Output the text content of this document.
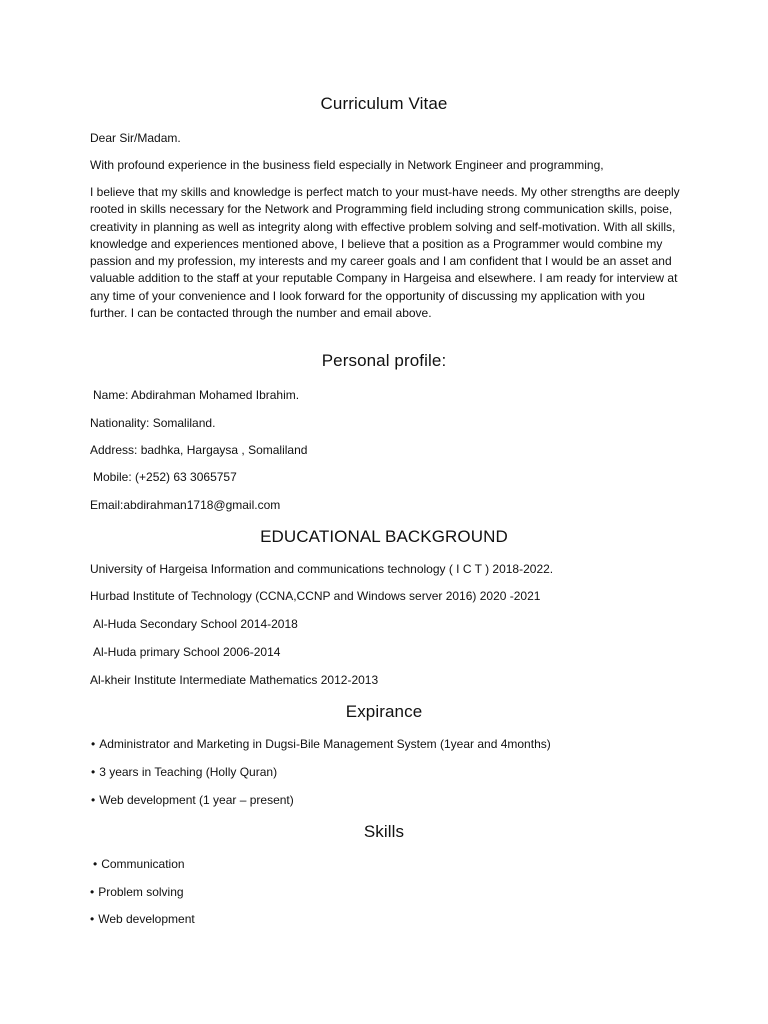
Curriculum Vitae
Dear Sir/Madam.
With profound experience in the business field especially in Network Engineer and programming,
I believe that my skills and knowledge is perfect match to your must-have needs. My other strengths are deeply rooted in skills necessary for the Network and Programming field including strong communication skills, poise, creativity in planning as well as integrity along with effective problem solving and self-motivation. With all skills, knowledge and experiences mentioned above, I believe that a position as a Programmer would combine my passion and my profession, my interests and my career goals and I am confident that I would be an asset and valuable addition to the staff at your reputable Company in Hargeisa and elsewhere. I am ready for interview at any time of your convenience and I look forward for the opportunity of discussing my application with you further. I can be contacted through the number and email above.
Personal profile:
Name: Abdirahman Mohamed Ibrahim.
Nationality: Somaliland.
Address: badhka, Hargaysa , Somaliland
Mobile: (+252) 63 3065757
Email:abdirahman1718@gmail.com
EDUCATIONAL BACKGROUND
University of Hargeisa Information and communications technology ( I C T ) 2018-2022.
Hurbad Institute of Technology (CCNA,CCNP and Windows server 2016) 2020 -2021
Al-Huda Secondary School 2014-2018
Al-Huda primary School 2006-2014
Al-kheir Institute Intermediate Mathematics 2012-2013
Expirance
• Administrator and Marketing in Dugsi-Bile Management System (1year and 4months)
• 3 years in Teaching (Holly Quran)
• Web development (1 year – present)
Skills
• Communication
• Problem solving
• Web development
